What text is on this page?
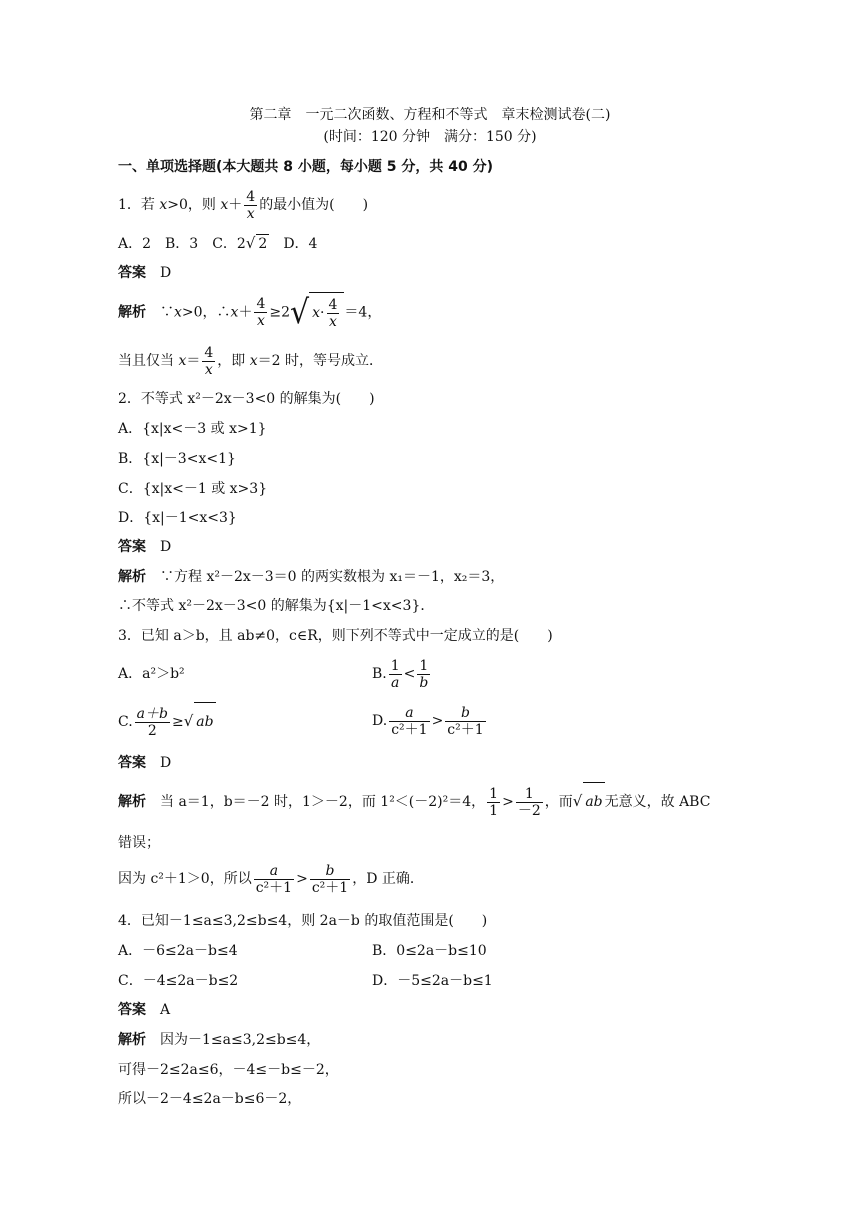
第二章　一元二次函数、方程和不等式　章末检测试卷(二)
(时间：120 分钟　满分：150 分)
一、单项选择题(本大题共 8 小题，每小题 5 分，共 40 分)
1．若 x>0，则 $x+ \frac{4}{x}$ 的最小值为(　　)
A．2　B．3　C．2√ 2　D．4
答案　 D
解析　 ∵x>0，∴x＋ $\frac{4}{x} \ge 2√$ $x\cdot \frac{4}{x} =4$，
当且仅当 $x= \frac{4}{x}$ ，即 x＝2 时，等号成立．
2．不等式 x²－2x－3<0 的解集为(　　)
A．{x|x<－3 或 x>1}
B．{x|－3<x<1}
C．{x|x<－1 或 x>3}
D．{x|－1<x<3}
答案　 D
解析　 ∵方程 x²－2x－3＝0 的两实数根为 x₁＝－1，x₂＝3，
∴不等式 x²－2x－3<0 的解集为{x|－1<x<3}．
3．已知 a＞b，且 ab≠0，c∈R，则下列不等式中一定成立的是(　　)
A．a²＞b²	B. $\frac{1}{a} < \frac{1}{b}$
C. $\frac{a+b}{2}$ ≥√ ab	D. $\frac{a}{\text{c²＋1}} > \frac{b}{\text{c²＋1}}$
答案　 D
解析　 当 a＝1，b＝－2 时，1＞－2，而 1²＜(－2)²＝4， $\frac{1}{1} > \frac{1}{-2}$ ，而√ ab 无意义，故 ABC
错误；
因为 c²＋1＞0，所以 $\frac{a}{\text{c²＋1}} > \frac{b}{\text{c²＋1}}$ ，D 正确．
4．已知－1≤a≤3,2≤b≤4，则 2a－b 的取值范围是(　　)
A．－6≤2a－b≤4	B．0≤2a－b≤10
C．－4≤2a－b≤2	D．－5≤2a－b≤1
答案　 A
解析　 因为－1≤a≤3,2≤b≤4，
可得－2≤2a≤6，－4≤－b≤－2，
所以－2－4≤2a－b≤6－2，
